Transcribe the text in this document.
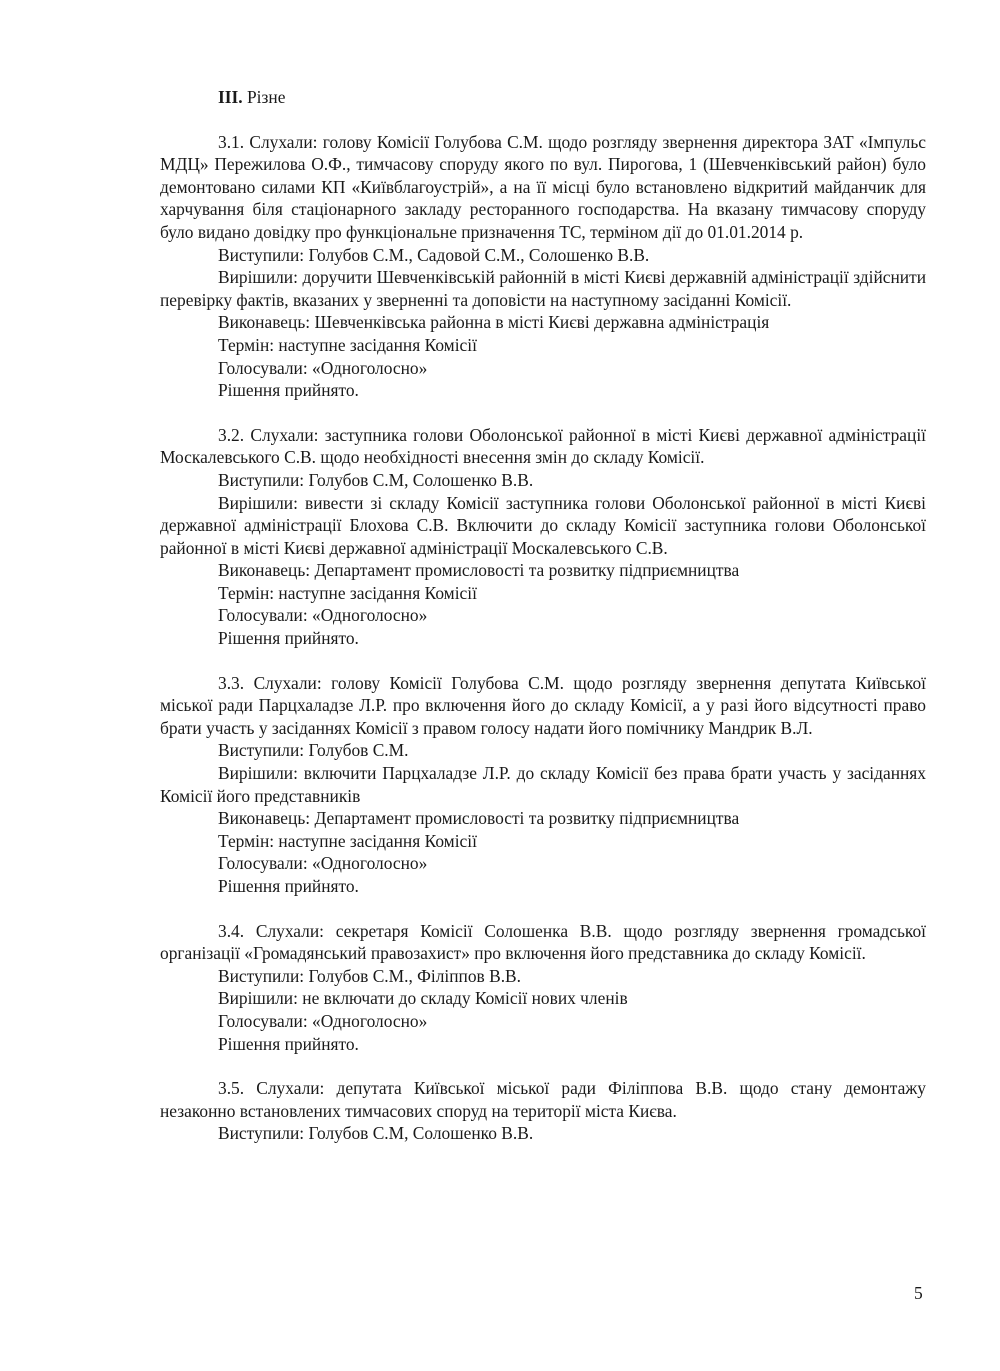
III. Різне

3.1. Слухали: голову Комісії Голубова С.М. щодо розгляду звернення директора ЗАТ «Імпульс МДЦ» Пережилова О.Ф., тимчасову споруду якого по вул. Пирогова, 1 (Шевченківський район) було демонтовано силами КП «Київблагоустрій», а на її місці було встановлено відкритий майданчик для харчування біля стаціонарного закладу ресторанного господарства. На вказану тимчасову споруду було видано довідку про функціональне призначення ТС, терміном дії до 01.01.2014 р.

Виступили: Голубов С.М., Садовой С.М., Солошенко В.В.

Вирішили: доручити Шевченківській районній в місті Києві державній адміністрації здійснити перевірку фактів, вказаних у зверненні та доповісти на наступному засіданні Комісії.

Виконавець: Шевченківська районна в місті Києві державна адміністрація

Термін: наступне засідання Комісії

Голосували: «Одноголосно»

Рішення прийнято.

3.2. Слухали: заступника голови Оболонської районної в місті Києві державної адміністрації Москалевського С.В. щодо необхідності внесення змін до складу Комісії.

Виступили: Голубов С.М, Солошенко В.В.

Вирішили: вивести зі складу Комісії заступника голови Оболонської районної в місті Києві державної адміністрації Блохова С.В. Включити до складу Комісії заступника голови Оболонської районної в місті Києві державної адміністрації Москалевського С.В.

Виконавець: Департамент промисловості та розвитку підприємництва

Термін: наступне засідання Комісії

Голосували: «Одноголосно»

Рішення прийнято.

3.3. Слухали: голову Комісії Голубова С.М. щодо розгляду звернення депутата Київської міської ради Парцхаладзе Л.Р. про включення його до складу Комісії, а у разі його відсутності право брати участь у засіданнях Комісії з правом голосу надати його помічнику Мандрик В.Л.

Виступили: Голубов С.М.

Вирішили: включити Парцхаладзе Л.Р. до складу Комісії без права брати участь у засіданнях Комісії його представників

Виконавець: Департамент промисловості та розвитку підприємництва

Термін: наступне засідання Комісії

Голосували: «Одноголосно»

Рішення прийнято.

3.4. Слухали: секретаря Комісії Солошенка В.В. щодо розгляду звернення громадської організації «Громадянський правозахист» про включення його представника до складу Комісії.

Виступили: Голубов С.М., Філіппов В.В.

Вирішили: не включати до складу Комісії нових членів

Голосували: «Одноголосно»

Рішення прийнято.

3.5. Слухали: депутата Київської міської ради Філіппова В.В. щодо стану демонтажу незаконно встановлених тимчасових споруд на території міста Києва.

Виступили: Голубов С.М, Солошенко В.В.

5
